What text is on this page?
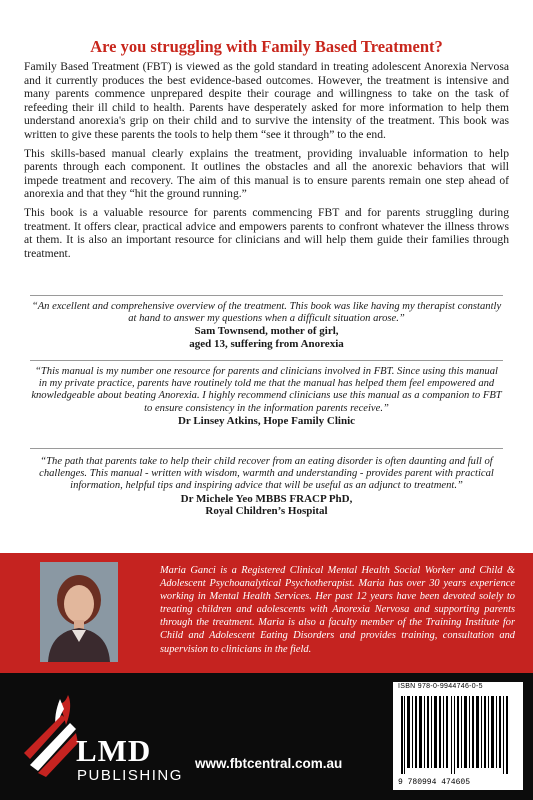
Are you struggling with Family Based Treatment?

Family Based Treatment (FBT) is viewed as the gold standard in treating adolescent Anorexia Nervosa and it currently produces the best evidence-based outcomes. However, the treatment is intensive and many parents commence unprepared despite their courage and willingness to take on the task of refeeding their ill child to health. Parents have desperately asked for more information to help them understand anorexia's grip on their child and to survive the intensity of the treatment. This book was written to give these parents the tools to help them “see it through” to the end.

This skills-based manual clearly explains the treatment, providing invaluable information to help parents through each component. It outlines the obstacles and all the anorexic behaviors that will impede treatment and recovery. The aim of this manual is to ensure parents remain one step ahead of anorexia and that they “hit the ground running.”

This book is a valuable resource for parents commencing FBT and for parents struggling during treatment. It offers clear, practical advice and empowers parents to confront whatever the illness throws at them. It is also an important resource for clinicians and will help them guide their families through treatment.

“An excellent and comprehensive overview of the treatment. This book was like having my therapist constantly at hand to answer my questions when a difficult situation arose.”
Sam Townsend, mother of girl,
aged 13, suffering from Anorexia
“This manual is my number one resource for parents and clinicians involved in FBT. Since using this manual in my private practice, parents have routinely told me that the manual has helped them feel empowered and knowledgeable about beating Anorexia. I highly recommend clinicians use this manual as a companion to FBT to ensure consistency in the information parents receive.”
Dr Linsey Atkins, Hope Family Clinic
“The path that parents take to help their child recover from an eating disorder is often daunting and full of challenges. This manual - written with wisdom, warmth and understanding - provides parent with practical information, helpful tips and inspiring advice that will be useful as an adjunct to treatment.”
Dr Michele Yeo MBBS FRACP PhD,
Royal Children’s Hospital
Maria Ganci is a Registered Clinical Mental Health Social Worker and Child & Adolescent Psychoanalytical Psychotherapist. Maria has over 30 years experience working in Mental Health Services. Her past 12 years have been devoted solely to treating children and adolescents with Anorexia Nervosa and supporting parents through the treatment. Maria is also a faculty member of the Training Institute for Child and Adolescent Eating Disorders and provides training, consultation and supervision to clinicians in the field.
LMD
PUBLISHING
www.fbtcentral.com.au
ISBN 978-0-9944746-0-5
9 780994 474605
